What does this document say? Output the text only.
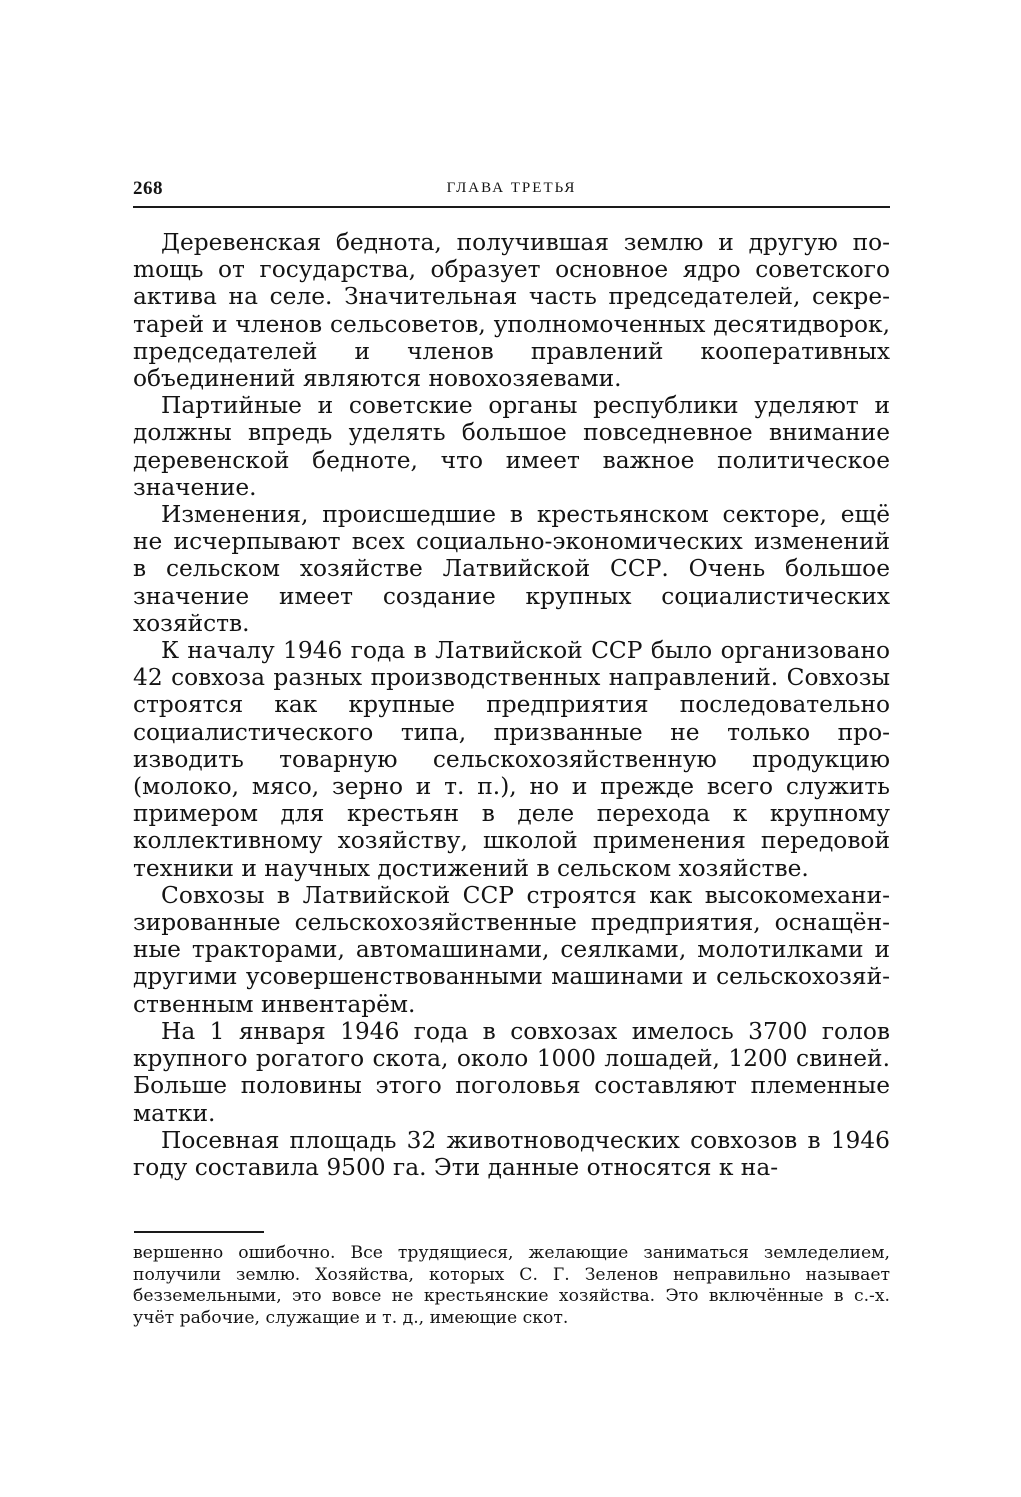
268	ГЛАВА ТРЕТЬЯ

Деревенская беднота, получившая землю и другую поmощь от государства, образует основное ядро советского актива на селе. Значительная часть председателей, секретарей и членов сельсоветов, уполномоченных десятидворок, председателей и членов правлений кооперативных объединений являются новохозяевами.

Партийные и советские органы республики уделяют и должны впредь уделять большое повседневное внимание деревенской бедноте, что имеет важное политическое значение.

Изменения, происшедшие в крестьянском секторе, ещё не исчерпывают всех социально-экономических изменений в сельском хозяйстве Латвийской ССР. Очень большое значение имеет создание крупных социалистических хозяйств.

К началу 1946 года в Латвийской ССР было организовано 42 совхоза разных производственных направлений. Совхозы строятся как крупные предприятия последовательно социалистического типа, призванные не только производить товарную сельскохозяйственную продукцию (молоко, мясо, зерно и т. п.), но и прежде всего служить примером для крестьян в деле перехода к крупному коллективному хозяйству, школой применения передовой техники и научных достижений в сельском хозяйстве.

Совхозы в Латвийской ССР строятся как высокомеханизированные сельскохозяйственные предприятия, оснащённые тракторами, автомашинами, сеялками, молотилками и другими усовершенствованными машинами и сельскохозяйственным инвентарём.

На 1 января 1946 года в совхозах имелось 3700 голов крупного рогатого скота, около 1000 лошадей, 1200 свиней. Больше половины этого поголовья составляют племенные матки.

Посевная площадь 32 животноводческих совхозов в 1946 году составила 9500 га. Эти данные относятся к на-

вершенно ошибочно. Все трудящиеся, желающие заниматься земледелием, получили землю. Хозяйства, которых С. Г. Зеленов неправильно называет безземельными, это вовсе не крестьянские хозяйства. Это включённые в с.-х. учёт рабочие, служащие и т. д., имеющие скот.
